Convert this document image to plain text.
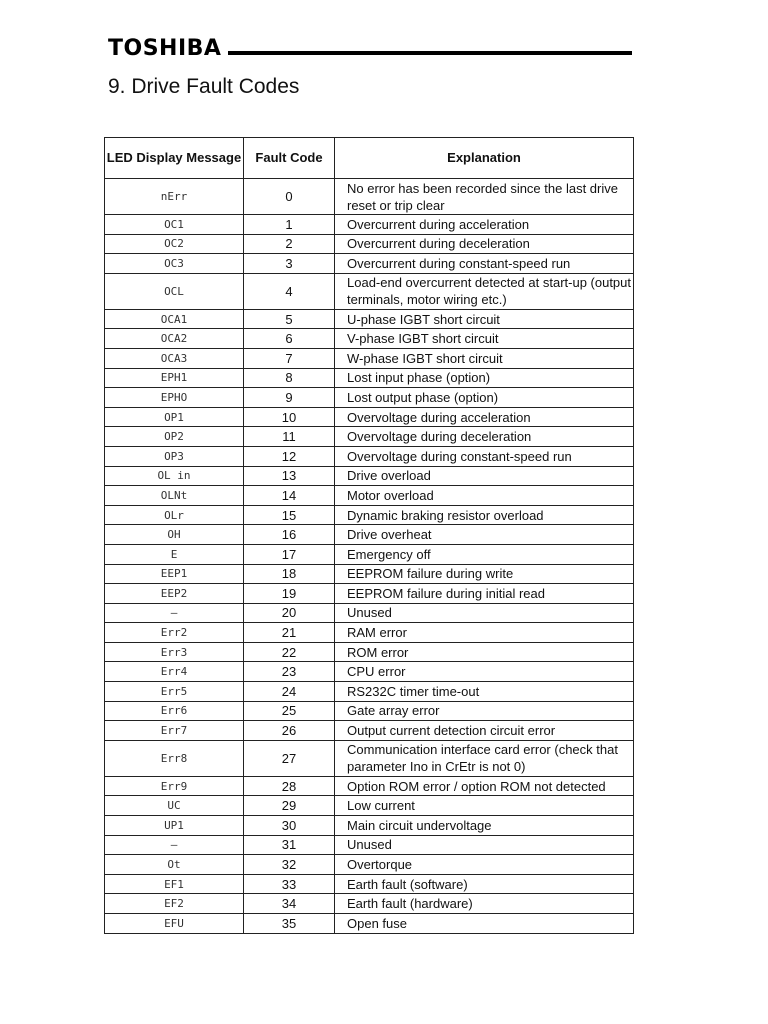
TOSHIBA
9. Drive Fault Codes
LED Display Message	Fault Code	Explanation
nErr	0	No error has been recorded since the last drive reset or trip clear
OC1	1	Overcurrent during acceleration
OC2	2	Overcurrent during deceleration
OC3	3	Overcurrent during constant-speed run
OCL	4	Load-end overcurrent detected at start-up (output terminals, motor wiring etc.)
OCA1	5	U-phase IGBT short circuit
OCA2	6	V-phase IGBT short circuit
OCA3	7	W-phase IGBT short circuit
EPH1	8	Lost input phase (option)
EPHO	9	Lost output phase (option)
OP1	10	Overvoltage during acceleration
OP2	11	Overvoltage during deceleration
OP3	12	Overvoltage during constant-speed run
OL in	13	Drive overload
OLNt	14	Motor overload
OLr	15	Dynamic braking resistor overload
OH	16	Drive overheat
E	17	Emergency off
EEP1	18	EEPROM failure during write
EEP2	19	EEPROM failure during initial read
—	20	Unused
Err2	21	RAM error
Err3	22	ROM error
Err4	23	CPU error
Err5	24	RS232C timer time-out
Err6	25	Gate array error
Err7	26	Output current detection circuit error
Err8	27	Communication interface card error (check that parameter Ino in CrEtr is not 0)
Err9	28	Option ROM error / option ROM not detected
UC	29	Low current
UP1	30	Main circuit undervoltage
—	31	Unused
Ot	32	Overtorque
EF1	33	Earth fault (software)
EF2	34	Earth fault (hardware)
EFU	35	Open fuse
